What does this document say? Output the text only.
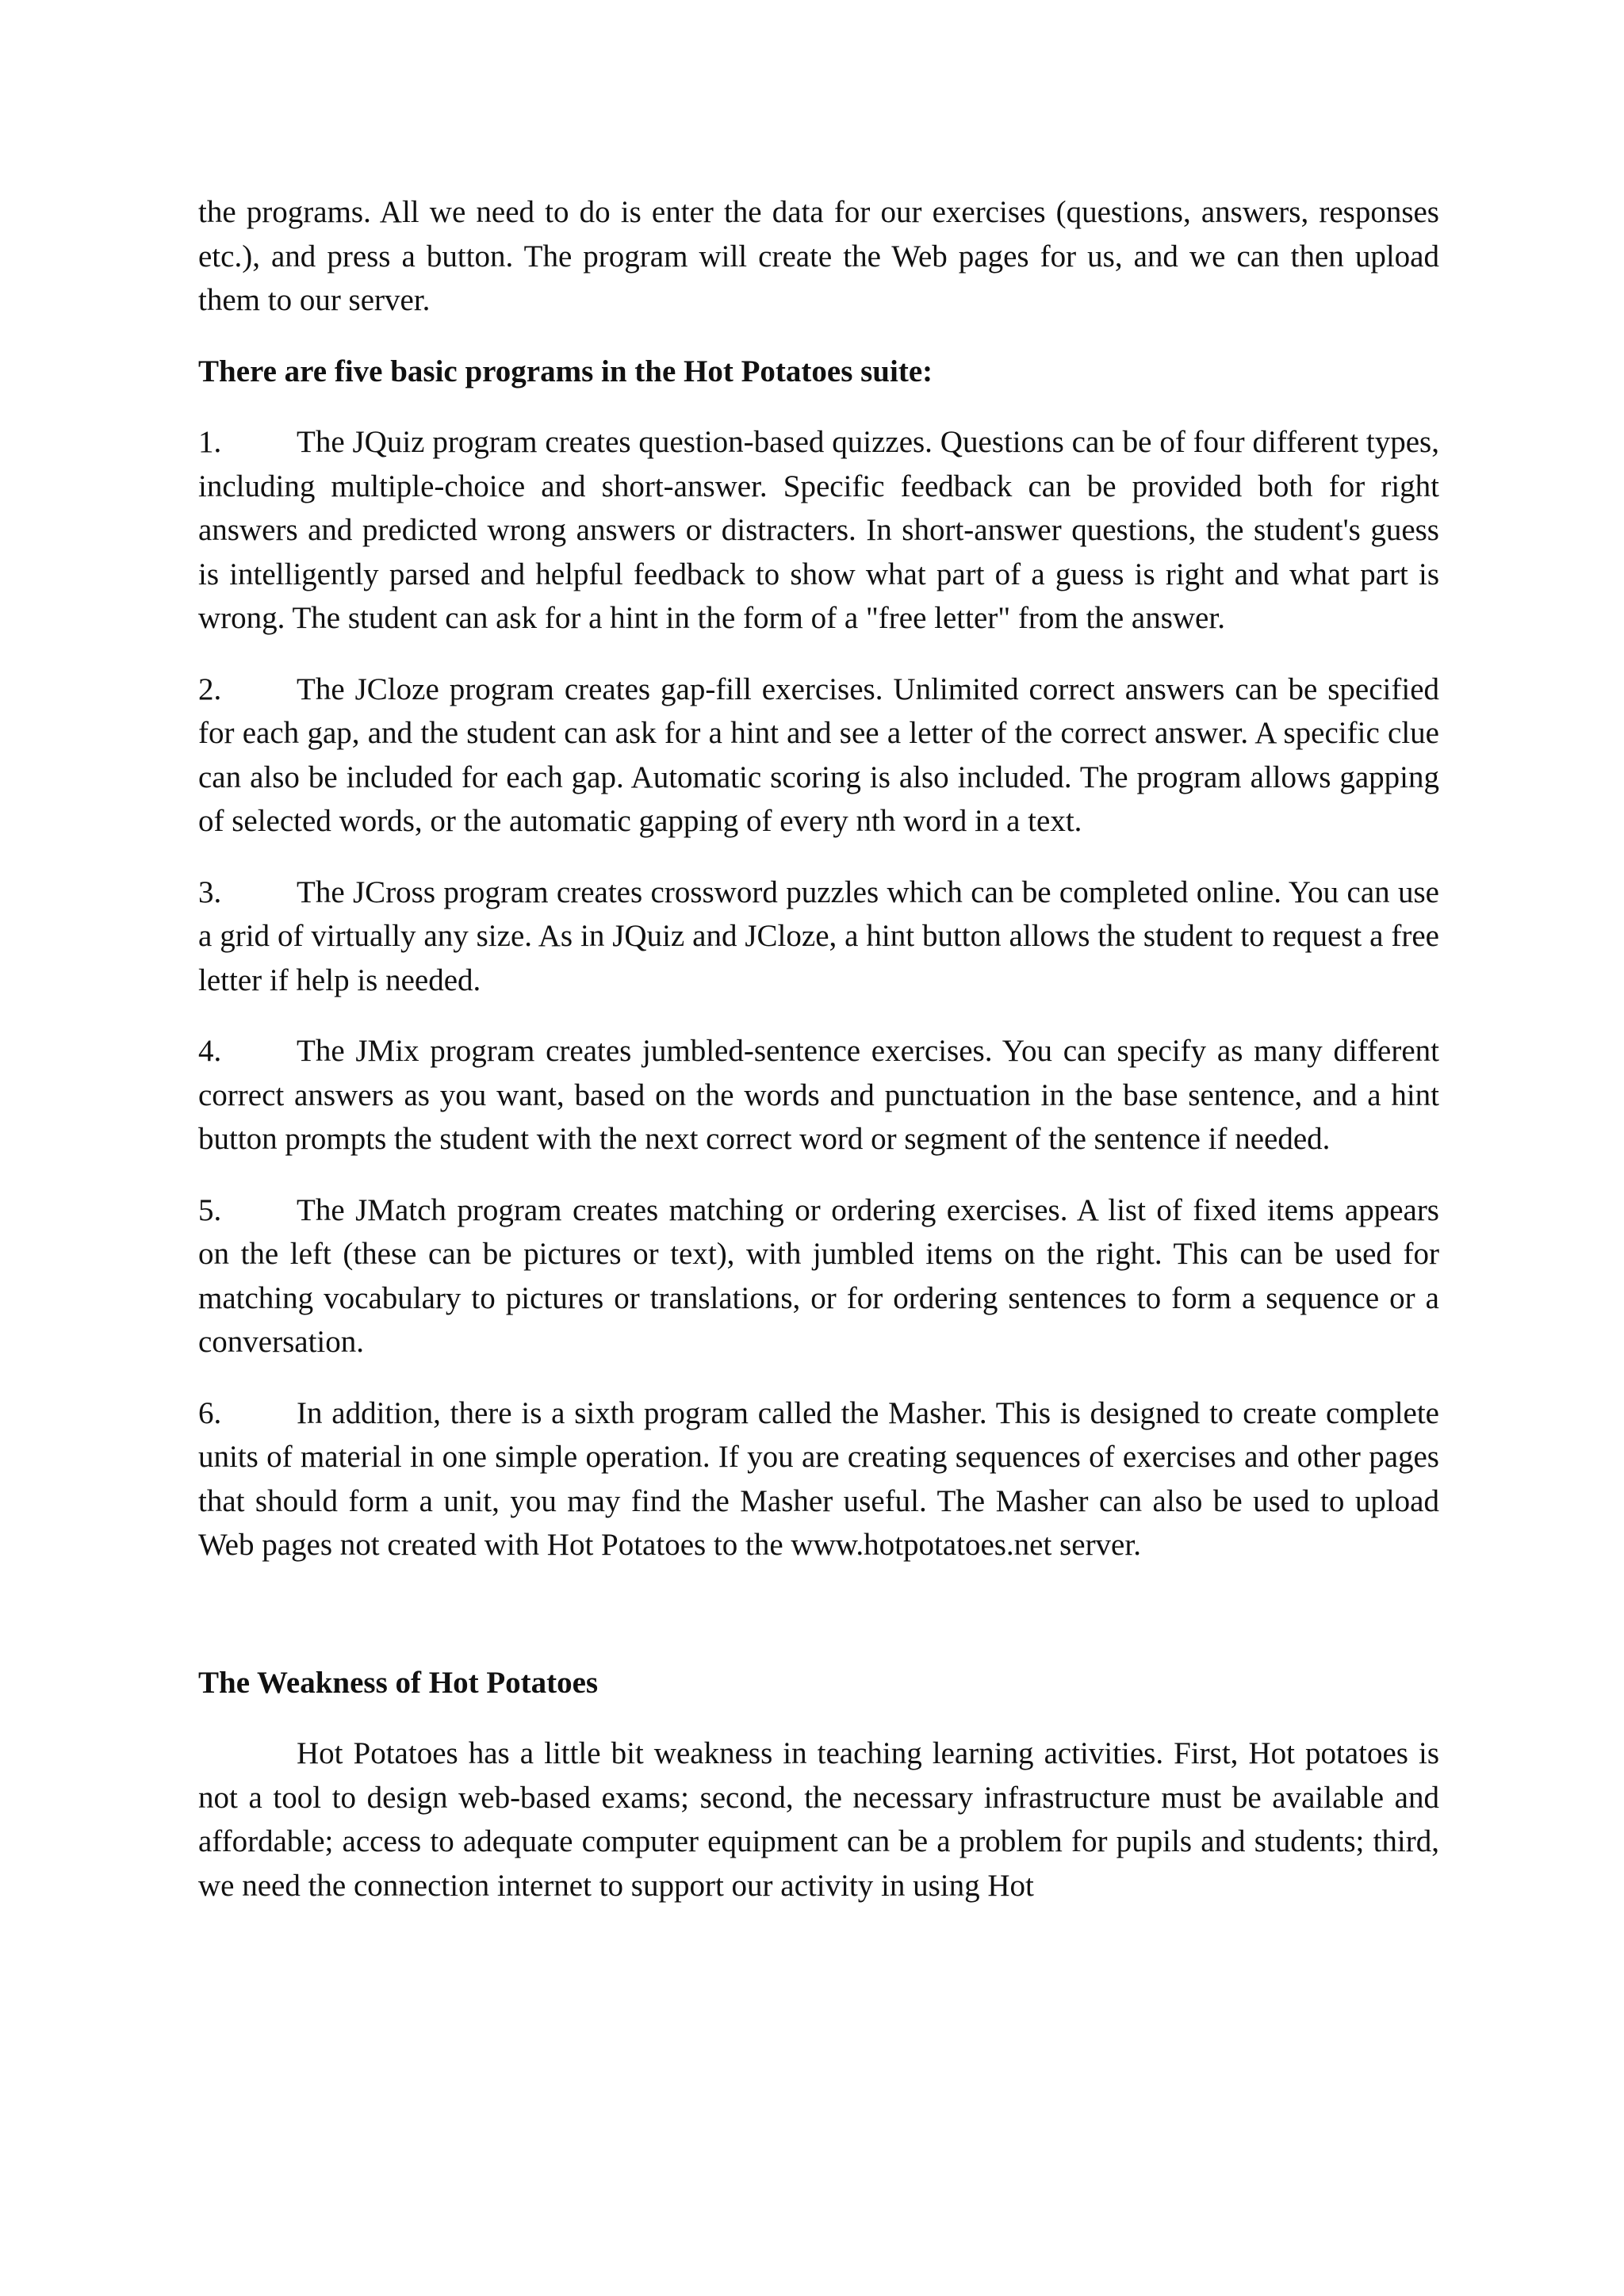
the programs. All we need to do is enter the data for our exercises (questions, answers, responses etc.), and press a button. The program will create the Web pages for us, and we can then upload them to our server.

There are five basic programs in the Hot Potatoes suite:

1. The JQuiz program creates question-based quizzes. Questions can be of four different types, including multiple-choice and short-answer. Specific feedback can be provided both for right answers and predicted wrong answers or distracters. In short-answer questions, the student's guess is intelligently parsed and helpful feedback to show what part of a guess is right and what part is wrong. The student can ask for a hint in the form of a "free letter" from the answer.

2. The JCloze program creates gap-fill exercises. Unlimited correct answers can be specified for each gap, and the student can ask for a hint and see a letter of the correct answer. A specific clue can also be included for each gap. Automatic scoring is also included. The program allows gapping of selected words, or the automatic gapping of every nth word in a text.

3. The JCross program creates crossword puzzles which can be completed online. You can use a grid of virtually any size. As in JQuiz and JCloze, a hint button allows the student to request a free letter if help is needed.

4. The JMix program creates jumbled-sentence exercises. You can specify as many different correct answers as you want, based on the words and punctuation in the base sentence, and a hint button prompts the student with the next correct word or segment of the sentence if needed.

5. The JMatch program creates matching or ordering exercises. A list of fixed items appears on the left (these can be pictures or text), with jumbled items on the right. This can be used for matching vocabulary to pictures or translations, or for ordering sentences to form a sequence or a conversation.

6. In addition, there is a sixth program called the Masher. This is designed to create complete units of material in one simple operation. If you are creating sequences of exercises and other pages that should form a unit, you may find the Masher useful. The Masher can also be used to upload Web pages not created with Hot Potatoes to the www.hotpotatoes.net server.

The Weakness of Hot Potatoes

Hot Potatoes has a little bit weakness in teaching learning activities. First, Hot potatoes is not a tool to design web-based exams; second, the necessary infrastructure must be available and affordable; access to adequate computer equipment can be a problem for pupils and students; third, we need the connection internet to support our activity in using Hot
